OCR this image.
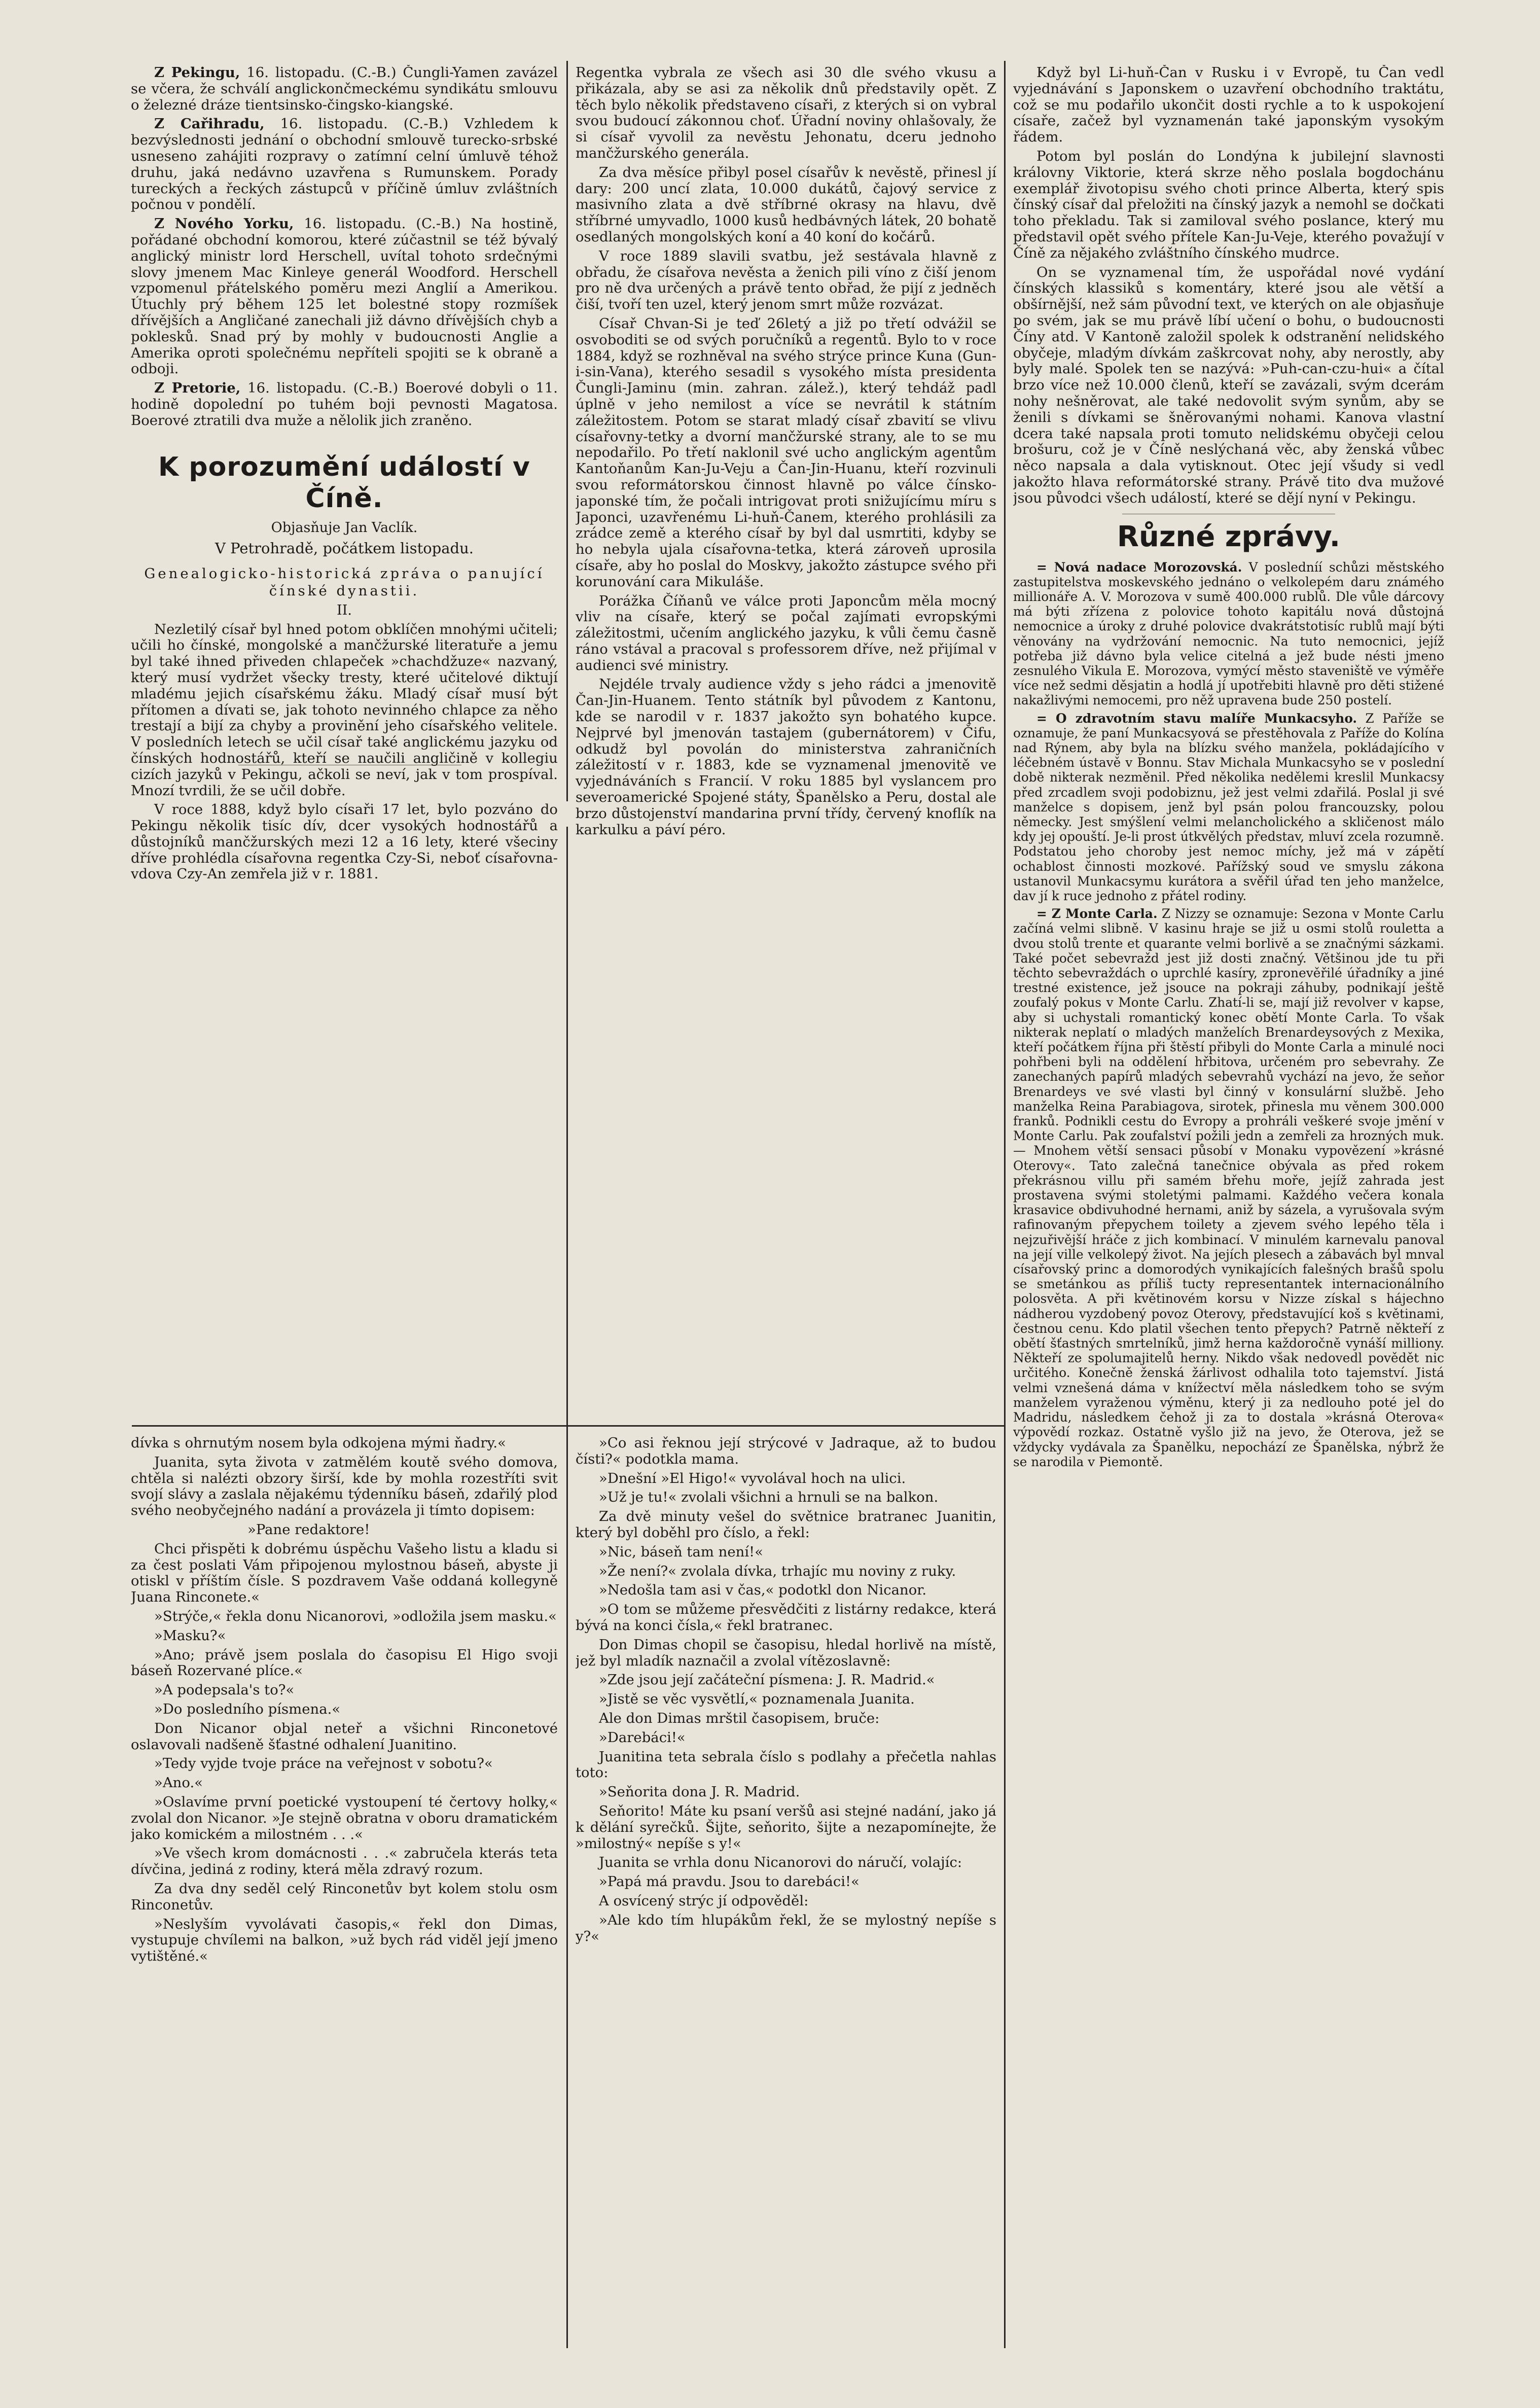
Z Pekingu, 16. listopadu. (C.-B.) Čungli-Yamen zavázel se včera, že schválí anglickončmeckému syndikátu smlouvu o železné dráze tientsinsko-čingsko-kiangské.

Z Cařihradu, 16. listopadu. (C.-B.) Vzhledem k bezvýslednosti jednání o obchodní smlouvě turecko-srbské usneseno zahájiti rozpravy o zatímní celní úmluvě téhož druhu, jaká nedávno uzavřena s Rumunskem. Porady tureckých a řeckých zástupců v příčině úmluv zvláštních počnou v pondělí.

Z Nového Yorku, 16. listopadu. (C.-B.) Na hostině, pořádané obchodní komorou, které zúčastnil se též bývalý anglický ministr lord Herschell, uvítal tohoto srdečnými slovy jmenem Mac Kinleye generál Woodford. Herschell vzpomenul přátelského poměru mezi Anglií a Amerikou. Útuchly prý během 125 let bolestné stopy rozmíšek dřívějších a Angličané zanechali již dávno dřívějších chyb a poklesků. Snad prý by mohly v budoucnosti Anglie a Amerika oproti společnému nepříteli spojiti se k obraně a odboji.

Z Pretorie, 16. listopadu. (C.-B.) Boerové dobyli o 11. hodině dopolední po tuhém boji pevnosti Magatosa. Boerové ztratili dva muže a nělolik jich zraněno.

K porozumění událostí v Číně.
Objasňuje Jan Vaclík.
V Petrohradě, počátkem listopadu.
Genealogicko-historická zpráva o panující čínské dynastii.
II.

Nezletilý císař byl hned potom obklíčen mnohými učiteli; učili ho čínské, mongolské a mančžurské literatuře a jemu byl také ihned přiveden chlapeček »chachdžuze« nazvaný, který musí vydržet všecky tresty, které učitelové diktují mladému jejich císařskému žáku. Mladý císař musí být přítomen a dívati se, jak tohoto nevinného chlapce za něho trestají a bijí za chyby a provinění jeho císařského velitele. V posledních letech se učil císař také anglickému jazyku od čínských hodnostářů, kteří se naučili angličině v kollegiu cizích jazyků v Pekingu, ačkoli se neví, jak v tom prospíval. Mnozí tvrdili, že se učil dobře.

V roce 1888, když bylo císaři 17 let, bylo pozváno do Pekingu několik tisíc dív, dcer vysokých hodnostářů a důstojníků mančžurských mezi 12 a 16 lety, které všeciny dříve prohlédla císařovna regentka Czy-Si, neboť císařovna-vdova Czy-An zemřela již v r. 1881.

Regentka vybrala ze všech asi 30 dle svého vkusu a přikázala, aby se asi za několik dnů představily opět. Z těch bylo několik představeno císaři, z kterých si on vybral svou budoucí zákonnou choť. Úřadní noviny ohlašovaly, že si císař vyvolil za nevěstu Jehonatu, dceru jednoho mančžurského generála.

Za dva měsíce přibyl posel císařův k nevěstě, přinesl jí dary: 200 uncí zlata, 10.000 dukátů, čajový service z masivního zlata a dvě stříbrné okrasy na hlavu, dvě stříbrné umyvadlo, 1000 kusů hedbávných látek, 20 bohatě osedlaných mongolských koní a 40 koní do kočárů.

V roce 1889 slavili svatbu, jež sestávala hlavně z obřadu, že císařova nevěsta a ženich pili víno z čiší jenom pro ně dva určených a právě tento obřad, že pijí z jedněch čiší, tvoří ten uzel, který jenom smrt může rozvázat.

Císař Chvan-Si je teď 26letý a již po třetí odvážil se osvoboditi se od svých poručníků a regentů. Bylo to v roce 1884, když se rozhněval na svého strýce prince Kuna (Gun-i-sin-Vana), kterého sesadil s vysokého místa presidenta Čungli-Jaminu (min. zahran. zálež.), který tehdáž padl úplně v jeho nemilost a více se nevrátil k státním záležitostem. Potom se starat mladý císař zbavití se vlivu císařovny-tetky a dvorní mančžurské strany, ale to se mu nepodařilo. Po třetí naklonil své ucho anglickým agentům Kantoňanům Kan-Ju-Veju a Čan-Jin-Huanu, kteří rozvinuli svou reformátorskou činnost hlavně po válce čínsko-japonské tím, že počali intrigovat proti snižujícímu míru s Japonci, uzavřenému Li-huň-Čanem, kterého prohlásili za zrádce země a kterého císař by byl dal usmrtiti, kdyby se ho nebyla ujala císařovna-tetka, která zároveň uprosila císaře, aby ho poslal do Moskvy, jakožto zástupce svého při korunování cara Mikuláše.

Porážka Číňanů ve válce proti Japoncům měla mocný vliv na císaře, který se počal zajímati evropskými záležitostmi, učením anglického jazyku, k vůli čemu časně ráno vstával a pracoval s professorem dříve, než přijímal v audienci své ministry.

Nejdéle trvaly audience vždy s jeho rádci a jmenovitě Čan-Jin-Huanem. Tento státník byl původem z Kantonu, kde se narodil v r. 1837 jakožto syn bohatého kupce. Nejprvé byl jmenován tastajem (gubernátorem) v Čifu, odkudž byl povolán do ministerstva zahraničních záležitostí v r. 1883, kde se vyznamenal jmenovitě ve vyjednáváních s Francií. V roku 1885 byl vyslancem pro severoamerické Spojené státy, Španělsko a Peru, dostal ale brzo důstojenství mandarina první třídy, červený knoflík na karkulku a páví péro.

Když byl Li-huň-Čan v Rusku i v Evropě, tu Čan vedl vyjednávání s Japonskem o uzavření obchodního traktátu, což se mu podařilo ukončit dosti rychle a to k uspokojení císaře, začež byl vyznamenán také japonským vysokým řádem.

Potom byl poslán do Londýna k jubilejní slavnosti královny Viktorie, která skrze něho poslala bogdochánu exemplář životopisu svého choti prince Alberta, který spis čínský císař dal přeložiti na čínský jazyk a nemohl se dočkati toho překladu. Tak si zamiloval svého poslance, který mu představil opět svého přítele Kan-Ju-Veje, kterého považují v Číně za nějakého zvláštního čínského mudrce.

On se vyznamenal tím, že uspořádal nové vydání čínských klassiků s komentáry, které jsou ale větší a obšírnější, než sám původní text, ve kterých on ale objasňuje po svém, jak se mu právě líbí učení o bohu, o budoucnosti Číny atd. V Kantoně založil spolek k odstranění nelidského obyčeje, mladým dívkám zaškrcovat nohy, aby nerostly, aby byly malé. Spolek ten se nazývá: »Puh-can-czu-hui« a čítal brzo více než 10.000 členů, kteří se zavázali, svým dcerám nohy nešněrovat, ale také nedovolit svým synům, aby se ženili s dívkami se šněrovanými nohami. Kanova vlastní dcera také napsala proti tomuto nelidskému obyčeji celou brošuru, což je v Číně neslýchaná věc, aby ženská vůbec něco napsala a dala vytisknout. Otec její všudy si vedl jakožto hlava reformátorské strany. Právě tito dva mužové jsou původci všech událostí, které se dějí nyní v Pekingu.

Různé zprávy.

= Nová nadace Morozovská. V posledníí schůzi městského zastupitelstva moskevského jednáno o velkolepém daru známého millionáře A. V. Morozova v sumě 400.000 rublů. Dle vůle dárcovy má býti zřízena z polovice tohoto kapitálu nová důstojná nemocnice a úroky z druhé polovice dvakrátstotisíc rublů mají býti věnovány na vydržování nemocnic. Na tuto nemocnici, jejíž potřeba již dávno byla velice citelná a jež bude nésti jmeno zesnulého Vikula E. Morozova, vymýcí město staveniště ve výměře více než sedmi děsjatin a hodlá jí upotřebiti hlavně pro děti stižené nakažlivými nemocemi, pro něž upravena bude 250 postelí.

= O zdravotním stavu malíře Munkacsyho. Z Paříže se oznamuje, že paní Munkacsyová se přestěhovala z Paříže do Kolína nad Rýnem, aby byla na blízku svého manžela, pokládajícího v léčebném ústavě v Bonnu. Stav Michala Munkacsyho se v poslední době nikterak nezměnil. Před několika nedělemi kreslil Munkacsy před zrcadlem svoji podobiznu, jež jest velmi zdařilá. Poslal ji své manželce s dopisem, jenž byl psán polou francouzsky, polou německy. Jest smýšlení velmi melancholického a skličenost málo kdy jej opouští. Je-li prost útkvělých představ, mluví zcela rozumně. Podstatou jeho choroby jest nemoc míchy, jež má v zápětí ochablost činnosti mozkové. Pařížský soud ve smyslu zákona ustanovil Munkacsymu kurátora a svěřil úřad ten jeho manželce, dav jí k ruce jednoho z přátel rodiny.

= Z Monte Carla. Z Nizzy se oznamuje: Sezona v Monte Carlu začíná velmi slibně. V kasinu hraje se již u osmi stolů rouletta a dvou stolů trente et quarante velmi borlivě a se značnými sázkami. Také počet sebevražd jest již dosti značný. Většinou jde tu při těchto sebevraždách o uprchlé kasíry, zpronevěřilé úřadníky a jiné trestné existence, jež jsouce na pokraji záhuby, podnikají ještě zoufalý pokus v Monte Carlu. Zhatí-li se, mají již revolver v kapse, aby si uchystali romantický konec obětí Monte Carla. To však nikterak neplatí o mladých manželích Brenardeysových z Mexika, kteří počátkem října při štěstí přibyli do Monte Carla a minulé noci pohřbeni byli na oddělení hřbitova, určeném pro sebevrahy. Ze zanechaných papírů mladých sebevrahů vychází na jevo, že seňor Brenardeys ve své vlasti byl činný v konsulární službě. Jeho manželka Reina Parabiagova, sirotek, přinesla mu věnem 300.000 franků. Podnikli cestu do Evropy a prohráli veškeré svoje jmění v Monte Carlu. Pak zoufalství požili jedn a zemřeli za hrozných muk. — Mnohem větší sensaci působí v Monaku vypovězení »krásné Oterovy«. Tato zalečná tanečnice obývala as před rokem překrásnou villu při samém břehu moře, jejíž zahrada jest prostavena svými stoletými palmami. Každého večera konala krasavice obdivuhodné hernami, aniž by sázela, a vyrušovala svým rafinovaným přepychem toilety a zjevem svého lepého těla i nejzuřivější hráče z jich kombinací. V minulém karnevalu panoval na její ville velkolepý život. Na jejích plesech a zábavách byl mnval císařovský princ a domorodých vynikajících falešných brašů spolu se smetánkou as příliš tucty representantek internacionálního polosvěta. A při květinovém korsu v Nizze získal s hájechno nádherou vyzdobený povoz Oterovy, představující koš s květinami, čestnou cenu. Kdo platil všechen tento přepych? Patrně někteří z obětí šťastných smrtelníků, jimž herna každoročně vynáší milliony. Někteří ze spolumajitelů herny. Nikdo však nedovedl povědět nic určitého. Konečně ženská žárlivost odhalila toto tajemství. Jistá velmi vznešená dáma v knížectví měla následkem toho se svým manželem vyraženou výměnu, který ji za nedlouho poté jel do Madridu, následkem čehož ji za to dostala »krásná Oterova« výpovědí rozkaz. Ostatně vyšlo již na jevo, že Oterova, jež se vždycky vydávala za Španělku, nepochází ze Španělska, nýbrž že se narodila v Piemontě.

dívka s ohrnutým nosem byla odkojena mými ňadry.«

Juanita, syta života v zatmělém koutě svého domova, chtěla si nalézti obzory širší, kde by mohla rozestříti svit svojí slávy a zaslala nějakému týdenníku báseň, zdařilý plod svého neobyčejného nadání a provázela ji tímto dopisem:

»Pane redaktore!

Chci přispěti k dobrému úspěchu Vašeho listu a kladu si za čest poslati Vám připojenou mylostnou báseň, abyste ji otiskl v příštím čísle. S pozdravem Vaše oddaná kollegyně Juana Rinconete.«

»Strýče,« řekla donu Nicanorovi, »odložila jsem masku.«

»Masku?«

»Ano; právě jsem poslala do časopisu El Higo svoji báseň Rozervané plíce.«

»A podepsala's to?«

»Do posledního písmena.«

Don Nicanor objal neteř a všichni Rinconetové oslavovali nadšeně šťastné odhalení Juanitino.

»Tedy vyjde tvoje práce na veřejnost v sobotu?«

»Ano.«

»Oslavíme první poetické vystoupení té čertovy holky,« zvolal don Nicanor. »Je stejně obratna v oboru dramatickém jako komickém a milostném . . .«

»Ve všech krom domácnosti . . .« zabručela kterás teta dívčina, jediná z rodiny, která měla zdravý rozum.

Za dva dny seděl celý Rinconetův byt kolem stolu osm Rinconetův.

»Neslyším vyvolávati časopis,« řekl don Dimas, vystupuje chvílemi na balkon, »už bych rád viděl její jmeno vytištěné.«

»Co asi řeknou její strýcové v Jadraque, až to budou čísti?« podotkla mama.

»Dnešní »El Higo!« vyvolával hoch na ulici.

»Už je tu!« zvolali všichni a hrnuli se na balkon.

Za dvě minuty vešel do světnice bratranec Juanitin, který byl doběhl pro číslo, a řekl:

»Nic, báseň tam není!«

»Že není?« zvolala dívka, trhajíc mu noviny z ruky.

»Nedošla tam asi v čas,« podotkl don Nicanor.

»O tom se můžeme přesvědčiti z listárny redakce, která bývá na konci čísla,« řekl bratranec.

Don Dimas chopil se časopisu, hledal horlivě na místě, jež byl mladík naznačil a zvolal vítězoslavně:

»Zde jsou její začáteční písmena: J. R. Madrid.«

»Jistě se věc vysvětlí,« poznamenala Juanita.

Ale don Dimas mrštil časopisem, bruče:

»Darebáci!«

Juanitina teta sebrala číslo s podlahy a přečetla nahlas toto:

»Seňorita dona J. R. Madrid.

Seňorito! Máte ku psaní veršů asi stejné nadání, jako já k dělání syrečků. Šijte, seňorito, šijte a nezapomínejte, že »milostný« nepíše s y!«

Juanita se vrhla donu Nicanorovi do náručí, volajíc:

»Papá má pravdu. Jsou to darebáci!«

A osvícený strýc jí odpověděl:

»Ale kdo tím hlupákům řekl, že se mylostný nepíše s y?«
